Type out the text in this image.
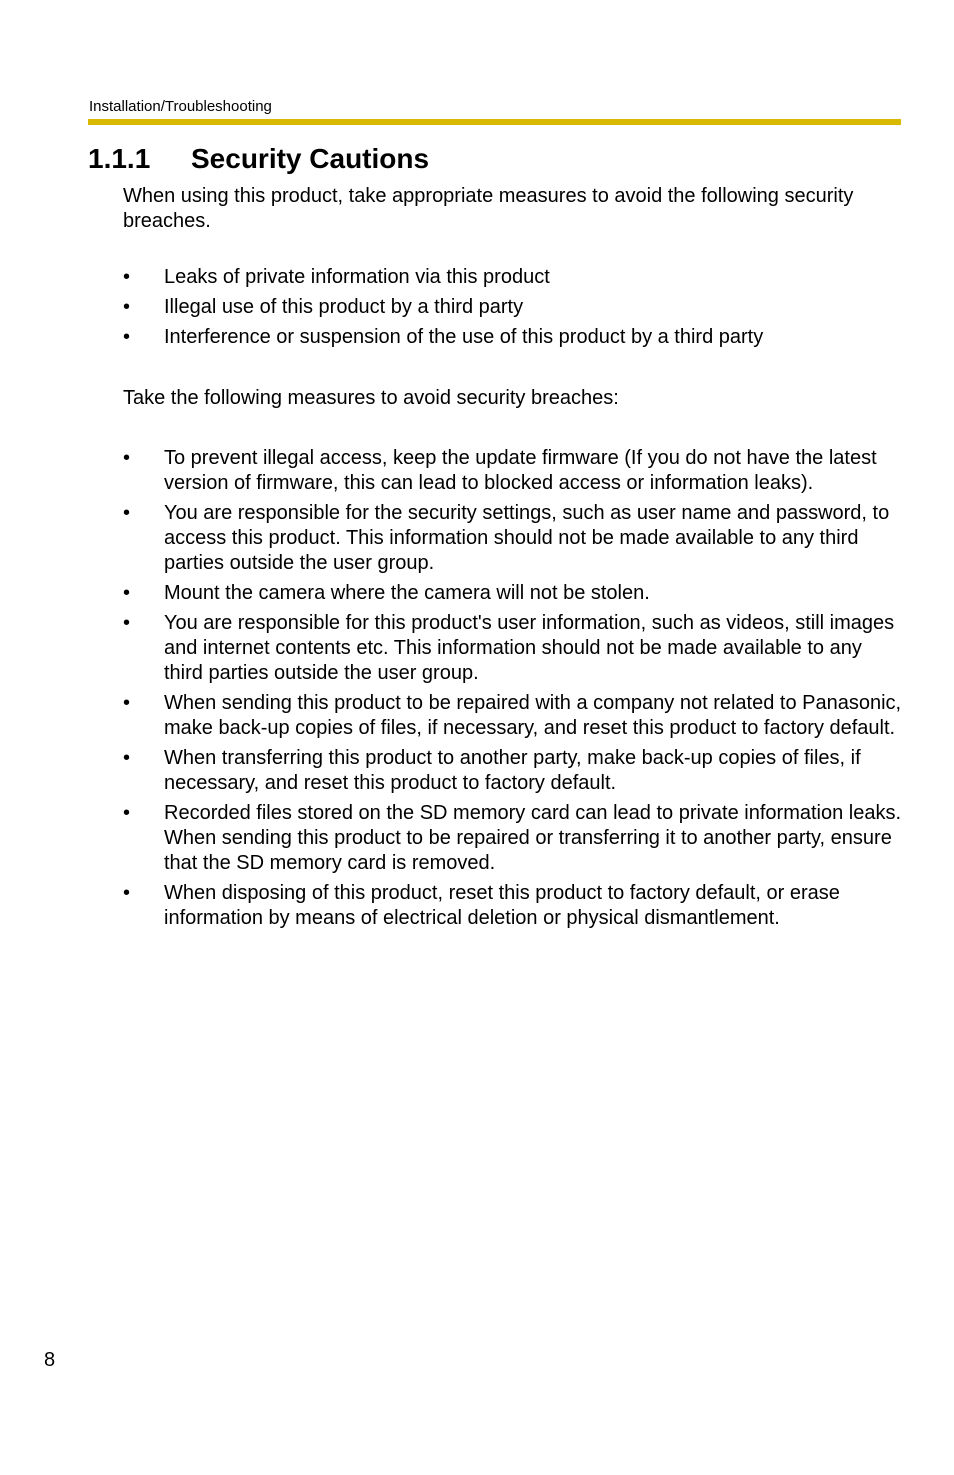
Installation/Troubleshooting
1.1.1 Security Cautions

When using this product, take appropriate measures to avoid the following security breaches.

• Leaks of private information via this product
• Illegal use of this product by a third party
• Interference or suspension of the use of this product by a third party

Take the following measures to avoid security breaches:

• To prevent illegal access, keep the update firmware (If you do not have the latest version of firmware, this can lead to blocked access or information leaks).
• You are responsible for the security settings, such as user name and password, to access this product. This information should not be made available to any third parties outside the user group.
• Mount the camera where the camera will not be stolen.
• You are responsible for this product's user information, such as videos, still images and internet contents etc. This information should not be made available to any third parties outside the user group.
• When sending this product to be repaired with a company not related to Panasonic, make back-up copies of files, if necessary, and reset this product to factory default.
• When transferring this product to another party, make back-up copies of files, if necessary, and reset this product to factory default.
• Recorded files stored on the SD memory card can lead to private information leaks. When sending this product to be repaired or transferring it to another party, ensure that the SD memory card is removed.
• When disposing of this product, reset this product to factory default, or erase information by means of electrical deletion or physical dismantlement.
8
